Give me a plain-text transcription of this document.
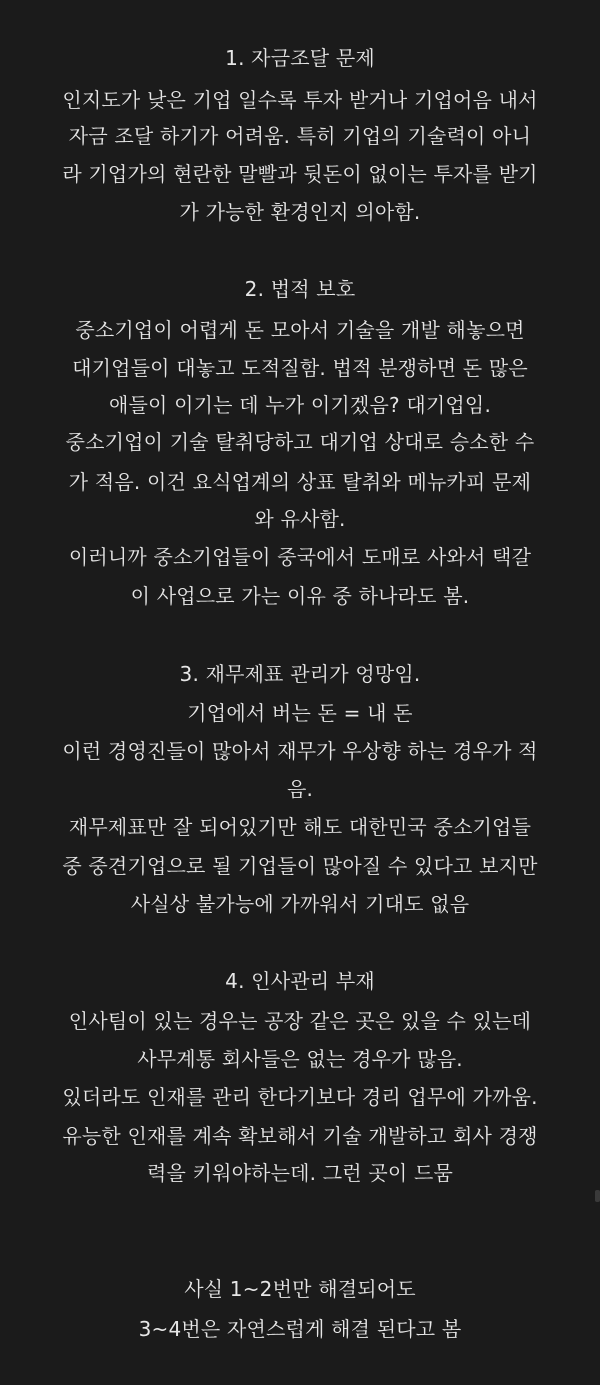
1. 자금조달 문제
인지도가 낮은 기업 일수록 투자 받거나 기업어음 내서
자금 조달 하기가 어려움. 특히 기업의 기술력이 아니
라 기업가의 현란한 말빨과 뒷돈이 없이는 투자를 받기
가 가능한 환경인지 의아함.
2. 법적 보호
중소기업이 어렵게 돈 모아서 기술을 개발 해놓으면
대기업들이 대놓고 도적질함. 법적 분쟁하면 돈 많은
애들이 이기는 데 누가 이기겠음? 대기업임.
중소기업이 기술 탈취당하고 대기업 상대로 승소한 수
가 적음. 이건 요식업계의 상표 탈취와 메뉴카피 문제
와 유사함.
이러니까 중소기업들이 중국에서 도매로 사와서 택갈
이 사업으로 가는 이유 중 하나라도 봄.
3. 재무제표 관리가 엉망임.
기업에서 버는 돈 = 내 돈
이런 경영진들이 많아서 재무가 우상향 하는 경우가 적
음.
재무제표만 잘 되어있기만 해도 대한민국 중소기업들
중 중견기업으로 될 기업들이 많아질 수 있다고 보지만
사실상 불가능에 가까워서 기대도 없음
4. 인사관리 부재
인사팀이 있는 경우는 공장 같은 곳은 있을 수 있는데
사무계통 회사들은 없는 경우가 많음.
있더라도 인재를 관리 한다기보다 경리 업무에 가까움.
유능한 인재를 계속 확보해서 기술 개발하고 회사 경쟁
력을 키워야하는데. 그런 곳이 드뭄
사실 1~2번만 해결되어도
3~4번은 자연스럽게 해결 된다고 봄
